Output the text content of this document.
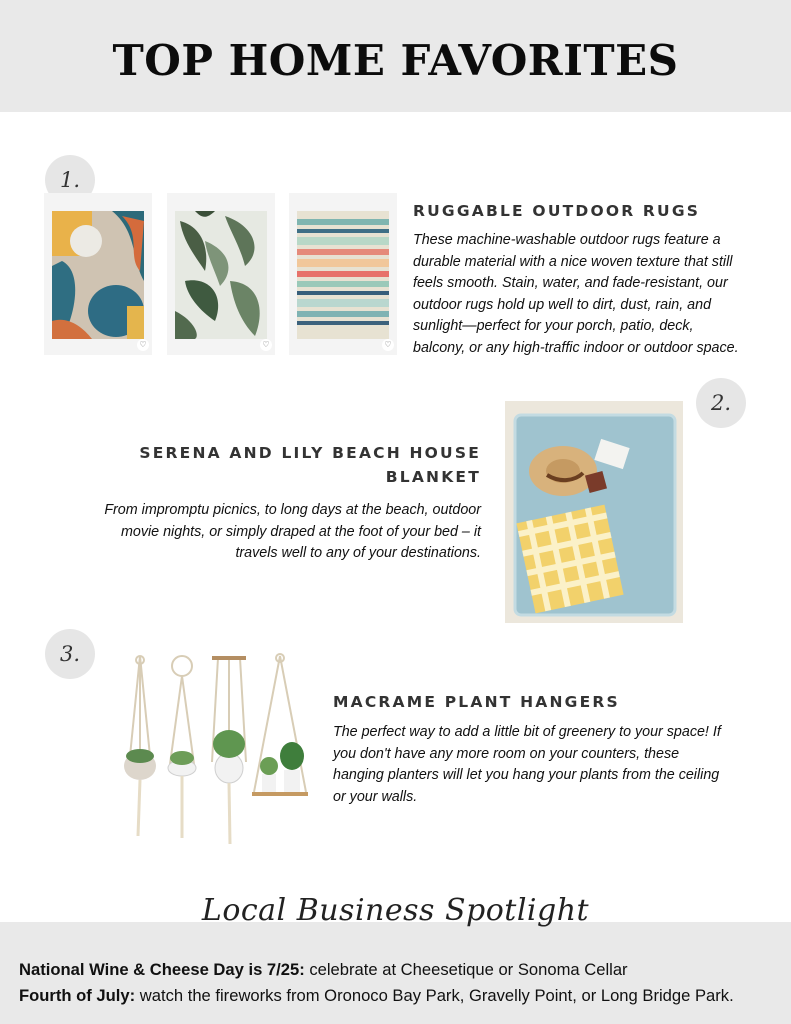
TOP HOME FAVORITES
1.
♡	♡	♡
RUGGABLE OUTDOOR RUGS
These machine-washable outdoor rugs feature a
durable material with a nice woven texture that still
feels smooth. Stain, water, and fade-resistant, our
outdoor rugs hold up well to dirt, dust, rain, and
sunlight—perfect for your porch, patio, deck,
balcony, or any high-traffic indoor or outdoor space.
2.
SERENA AND LILY BEACH HOUSE
BLANKET
From impromptu picnics, to long days at the beach, outdoor
movie nights, or simply draped at the foot of your bed – it
travels well to any of your destinations.
3.
MACRAME PLANT HANGERS
The perfect way to add a little bit of greenery to your space! If
you don't have any more room on your counters, these
hanging planters will let you hang your plants from the ceiling
or your walls.
Local Business Spotlight
National Wine & Cheese Day is 7/25: celebrate at Cheesetique or Sonoma Cellar
Fourth of July: watch the fireworks from Oronoco Bay Park, Gravelly Point, or Long Bridge Park.
